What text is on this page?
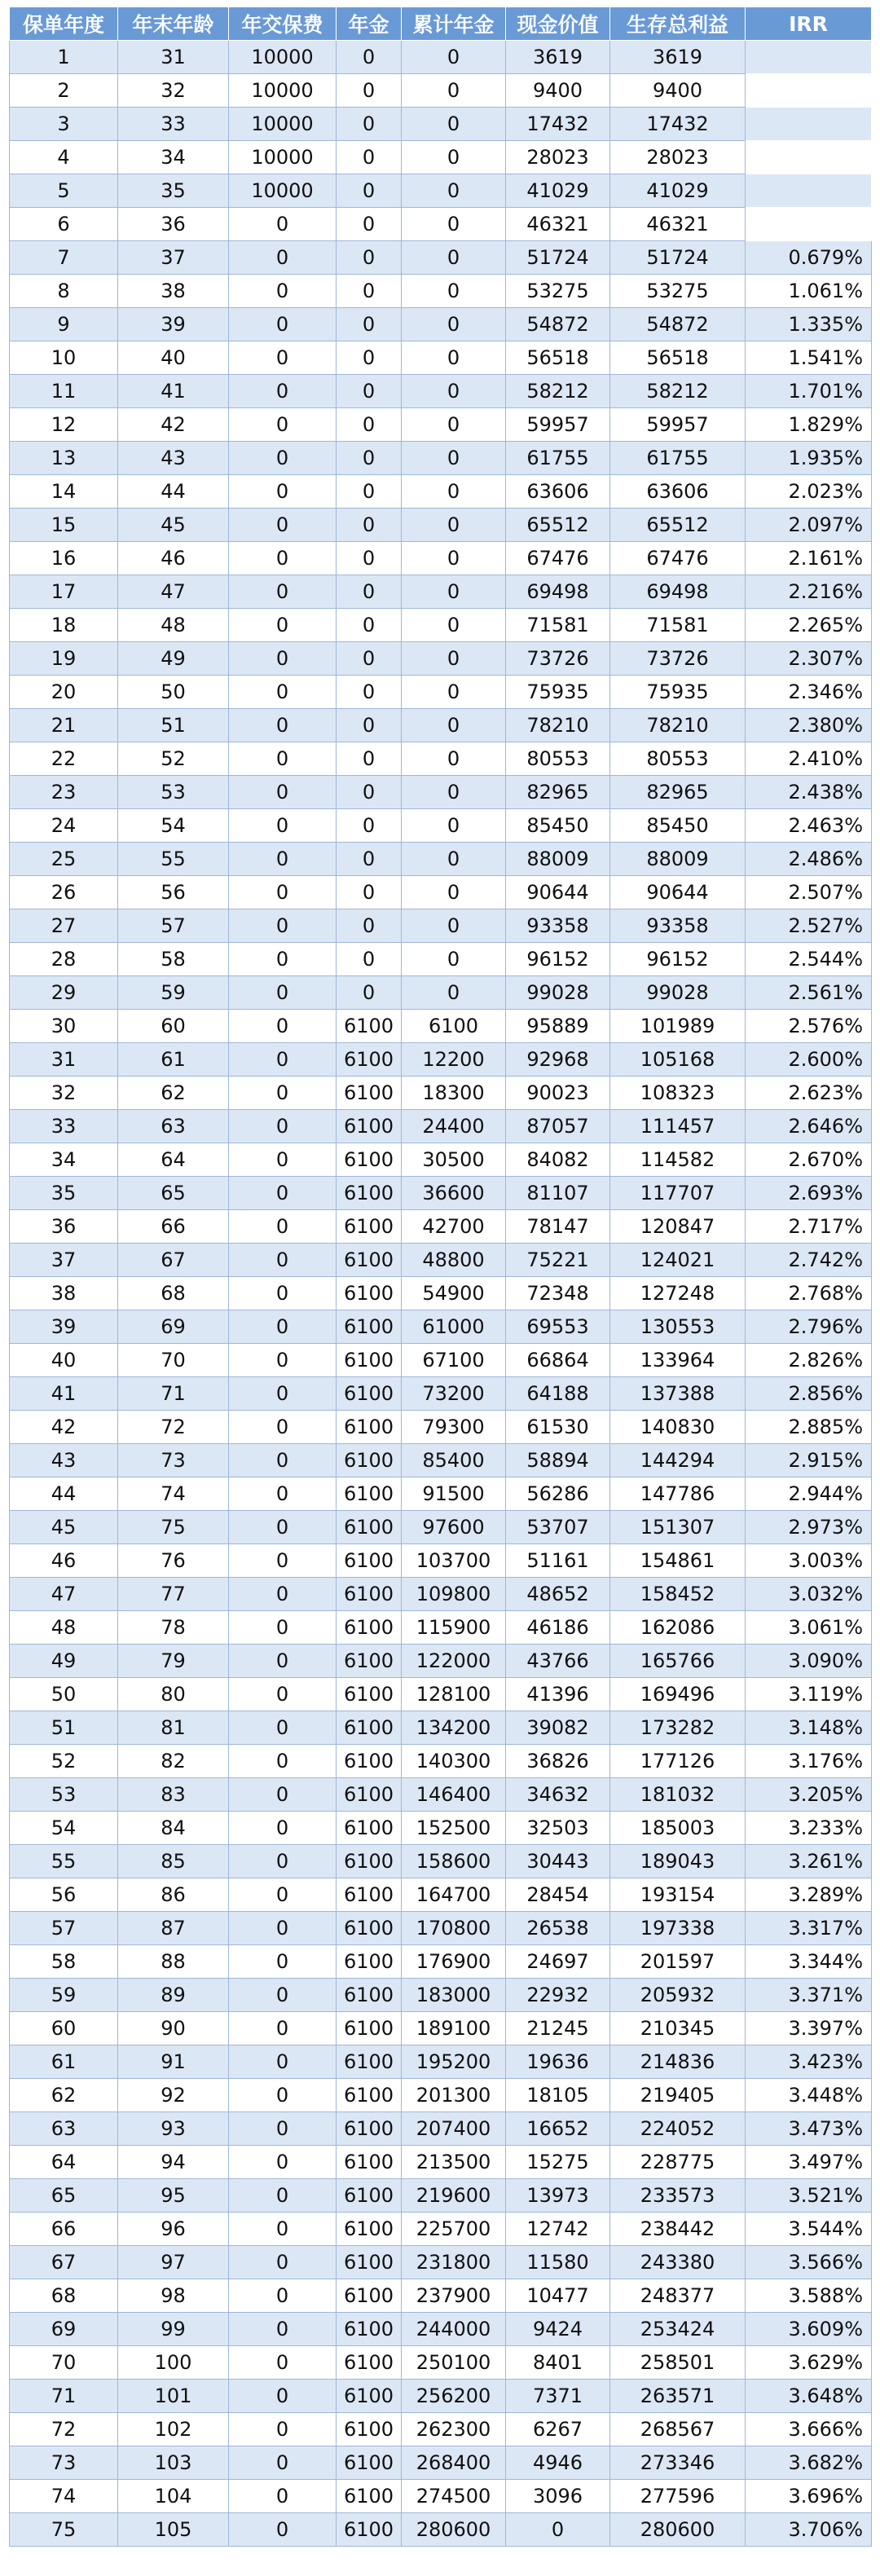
保单年度	年末年龄	年交保费	年金	累计年金	现金价值	生存总利益	IRR
1	31	10000	0	0	3619	3619	
2	32	10000	0	0	9400	9400	
3	33	10000	0	0	17432	17432	
4	34	10000	0	0	28023	28023	
5	35	10000	0	0	41029	41029	
6	36	0	0	0	46321	46321	
7	37	0	0	0	51724	51724	0.679%
8	38	0	0	0	53275	53275	1.061%
9	39	0	0	0	54872	54872	1.335%
10	40	0	0	0	56518	56518	1.541%
11	41	0	0	0	58212	58212	1.701%
12	42	0	0	0	59957	59957	1.829%
13	43	0	0	0	61755	61755	1.935%
14	44	0	0	0	63606	63606	2.023%
15	45	0	0	0	65512	65512	2.097%
16	46	0	0	0	67476	67476	2.161%
17	47	0	0	0	69498	69498	2.216%
18	48	0	0	0	71581	71581	2.265%
19	49	0	0	0	73726	73726	2.307%
20	50	0	0	0	75935	75935	2.346%
21	51	0	0	0	78210	78210	2.380%
22	52	0	0	0	80553	80553	2.410%
23	53	0	0	0	82965	82965	2.438%
24	54	0	0	0	85450	85450	2.463%
25	55	0	0	0	88009	88009	2.486%
26	56	0	0	0	90644	90644	2.507%
27	57	0	0	0	93358	93358	2.527%
28	58	0	0	0	96152	96152	2.544%
29	59	0	0	0	99028	99028	2.561%
30	60	0	6100	6100	95889	101989	2.576%
31	61	0	6100	12200	92968	105168	2.600%
32	62	0	6100	18300	90023	108323	2.623%
33	63	0	6100	24400	87057	111457	2.646%
34	64	0	6100	30500	84082	114582	2.670%
35	65	0	6100	36600	81107	117707	2.693%
36	66	0	6100	42700	78147	120847	2.717%
37	67	0	6100	48800	75221	124021	2.742%
38	68	0	6100	54900	72348	127248	2.768%
39	69	0	6100	61000	69553	130553	2.796%
40	70	0	6100	67100	66864	133964	2.826%
41	71	0	6100	73200	64188	137388	2.856%
42	72	0	6100	79300	61530	140830	2.885%
43	73	0	6100	85400	58894	144294	2.915%
44	74	0	6100	91500	56286	147786	2.944%
45	75	0	6100	97600	53707	151307	2.973%
46	76	0	6100	103700	51161	154861	3.003%
47	77	0	6100	109800	48652	158452	3.032%
48	78	0	6100	115900	46186	162086	3.061%
49	79	0	6100	122000	43766	165766	3.090%
50	80	0	6100	128100	41396	169496	3.119%
51	81	0	6100	134200	39082	173282	3.148%
52	82	0	6100	140300	36826	177126	3.176%
53	83	0	6100	146400	34632	181032	3.205%
54	84	0	6100	152500	32503	185003	3.233%
55	85	0	6100	158600	30443	189043	3.261%
56	86	0	6100	164700	28454	193154	3.289%
57	87	0	6100	170800	26538	197338	3.317%
58	88	0	6100	176900	24697	201597	3.344%
59	89	0	6100	183000	22932	205932	3.371%
60	90	0	6100	189100	21245	210345	3.397%
61	91	0	6100	195200	19636	214836	3.423%
62	92	0	6100	201300	18105	219405	3.448%
63	93	0	6100	207400	16652	224052	3.473%
64	94	0	6100	213500	15275	228775	3.497%
65	95	0	6100	219600	13973	233573	3.521%
66	96	0	6100	225700	12742	238442	3.544%
67	97	0	6100	231800	11580	243380	3.566%
68	98	0	6100	237900	10477	248377	3.588%
69	99	0	6100	244000	9424	253424	3.609%
70	100	0	6100	250100	8401	258501	3.629%
71	101	0	6100	256200	7371	263571	3.648%
72	102	0	6100	262300	6267	268567	3.666%
73	103	0	6100	268400	4946	273346	3.682%
74	104	0	6100	274500	3096	277596	3.696%
75	105	0	6100	280600	0	280600	3.706%
